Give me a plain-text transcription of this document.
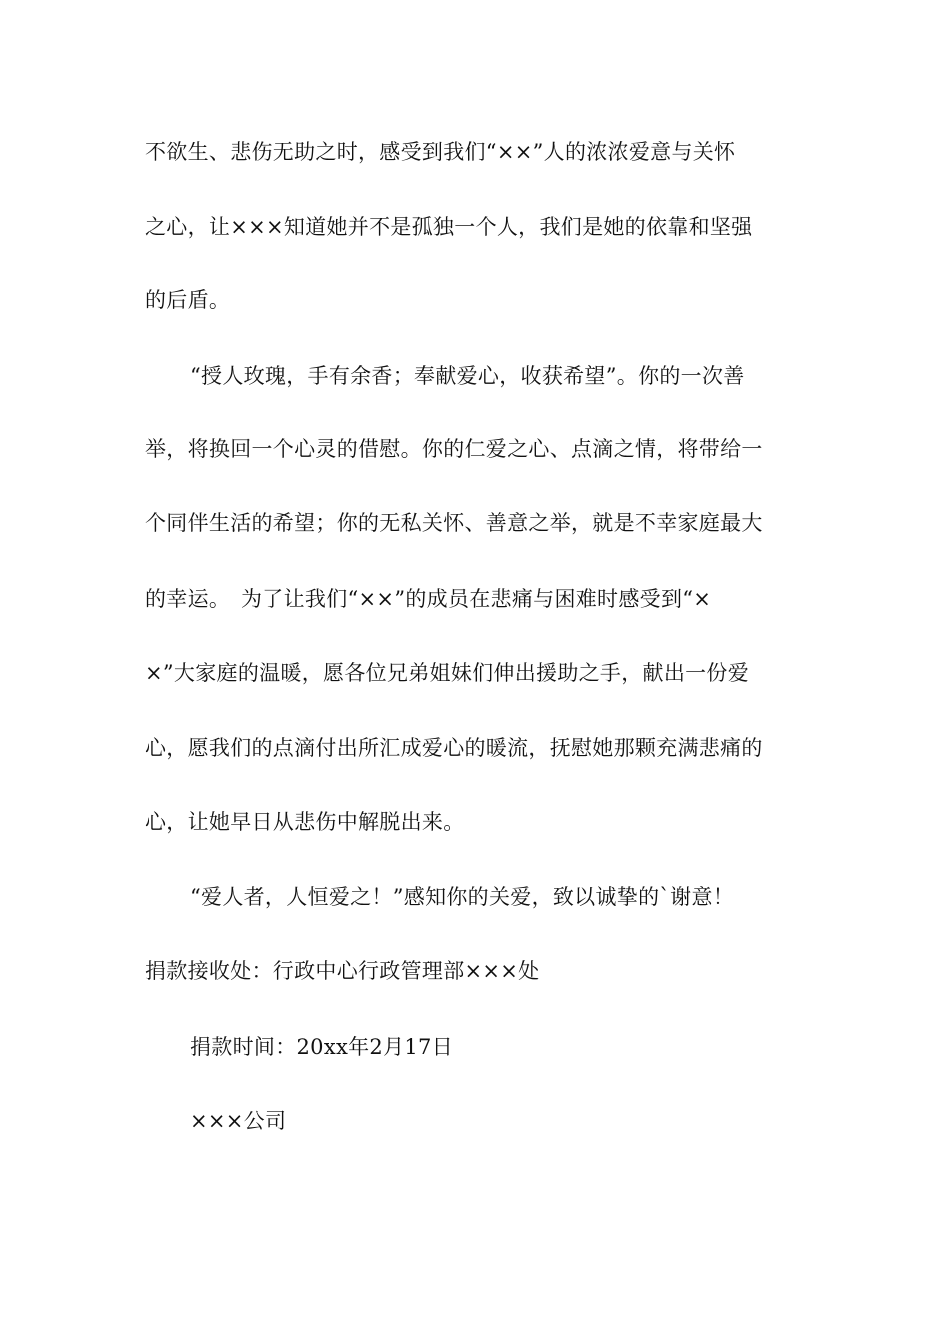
不欲生、悲伤无助之时，感受到我们“××”人的浓浓爱意与关怀
之心，让×××知道她并不是孤独一个人，我们是她的依靠和坚强
的后盾。
“授人玫瑰，手有余香；奉献爱心，收获希望”。你的一次善
举，将换回一个心灵的借慰。你的仁爱之心、点滴之情，将带给一
个同伴生活的希望；你的无私关怀、善意之举，就是不幸家庭最大
的幸运。　为了让我们“××”的成员在悲痛与困难时感受到“×
×”大家庭的温暖，愿各位兄弟姐妹们伸出援助之手，献出一份爱
心，愿我们的点滴付出所汇成爱心的暖流，抚慰她那颗充满悲痛的
心，让她早日从悲伤中解脱出来。
“爱人者，人恒爱之！”感知你的关爱，致以诚挚的`谢意！
捐款接收处：行政中心行政管理部×××处
捐款时间：20xx年2月17日
×××公司
